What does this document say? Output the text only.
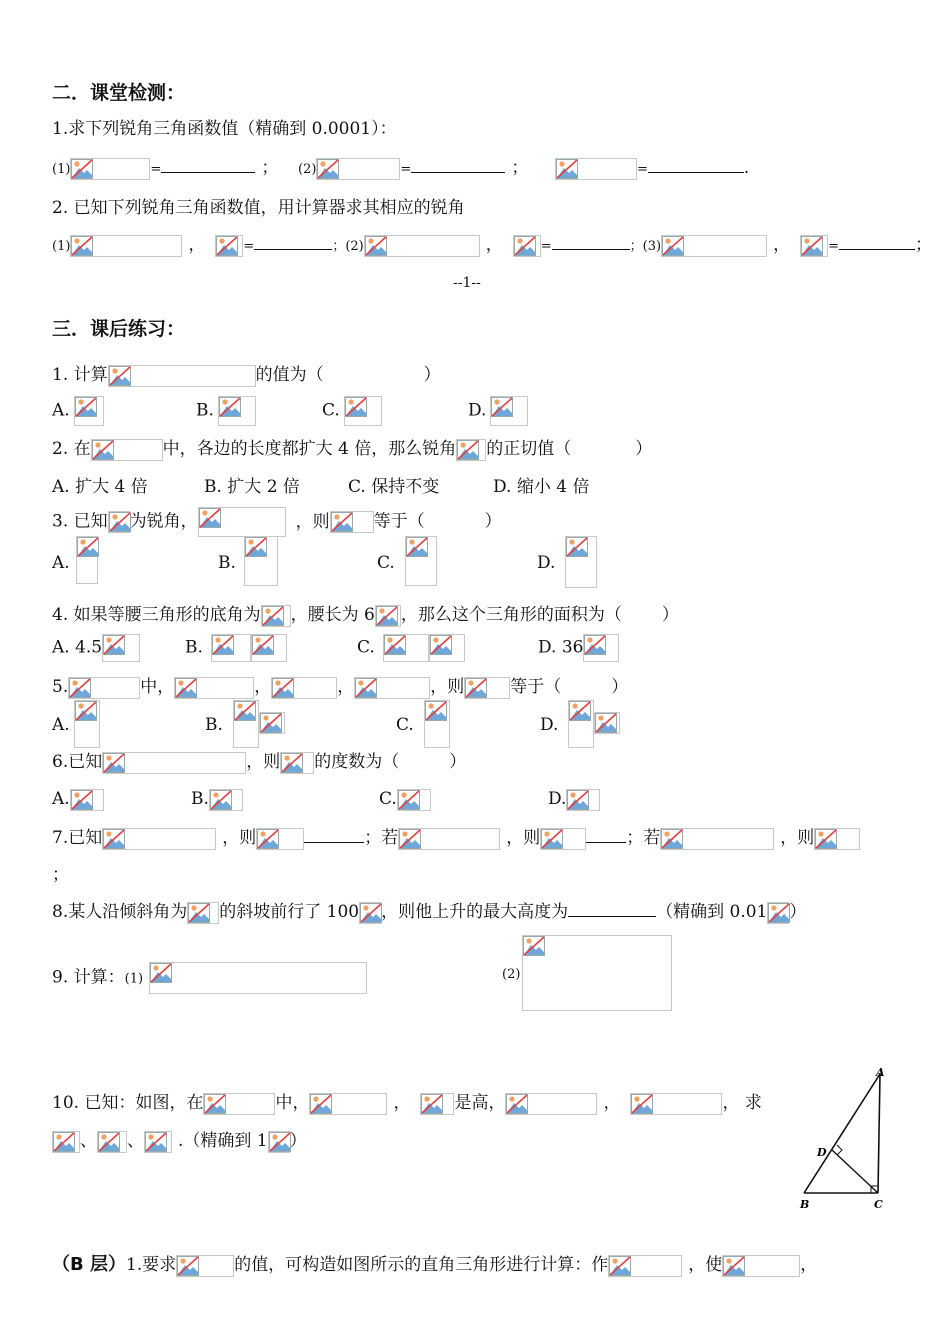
二．课堂检测：
1.求下列锐角三角函数值（精确到 0.0001）：
(1)	=	； (2)	=	；	=	.
2. 已知下列锐角三角函数值，用计算器求其相应的锐角
(1)	，	=	；(2)	，	=	；(3)	，	=	；
--1--
三．课后练习：
1. 计算	的值为（	）
A.	B.	C.	D.
2. 在	中，各边的长度都扩大 4 倍，那么锐角 的正切值（	）
A. 扩大 4 倍	B. 扩大 2 倍	C. 保持不变	D. 缩小 4 倍
3. 已知 为锐角，	，则	等于（	）
A.	B.	C.	D.
4. 如果等腰三角形的底角为 ，腰长为 6 ，那么这个三角形的面积为（ ）
A. 4.5	B.	C.	D. 36
5.	中，	，	，	，则	等于（	）
A.	B.	C.	D.
6.已知	，则 的度数为（	）
A.	B.	C.	D.
7.已知	，则	；若	，则	；若	，则
；
8.某人沿倾斜角为 的斜坡前行了 100 ，则他上升的最大高度为	（精确到 0.01 ）
9. 计算：(1)	(2)
10. 已知：如图，在	中，	，	是高，	，	， 求
、 、 .（精确到 1 ）
A
D
B	C
（B 层）1.要求	的值，可构造如图所示的直角三角形进行计算：作	，使	，
